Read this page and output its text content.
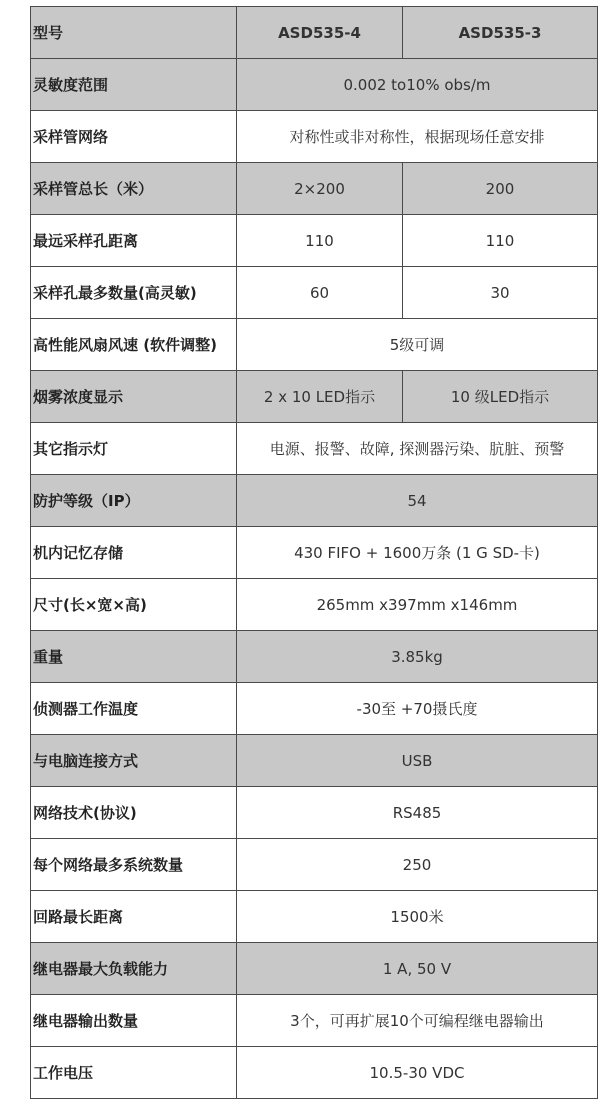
型号	ASD535-4	ASD535-3
灵敏度范围	0.002 to10% obs/m	
采样管网络	对称性或非对称性，根据现场任意安排	
采样管总长（米）	2×200	200
最远采样孔距离	110	110
采样孔最多数量(高灵敏)	60	30
高性能风扇风速 (软件调整)	5级可调	
烟雾浓度显示	2 x 10 LED指示	10 级LED指示
其它指示灯	电源、报警、故障, 探测器污染、肮脏、预警	
防护等级（IP）	54	
机内记忆存储	430 FIFO + 1600万条 (1 G SD-卡)	
尺寸(长×宽×高)	265mm x397mm x146mm	
重量	3.85kg	
侦测器工作温度	-30至 +70摄氏度	
与电脑连接方式	USB	
网络技术(协议)	RS485	
每个网络最多系统数量	250	
回路最长距离	1500米	
继电器最大负载能力	1 A, 50 V	
继电器输出数量	3个，可再扩展10个可编程继电器输出	
工作电压	10.5-30 VDC	
